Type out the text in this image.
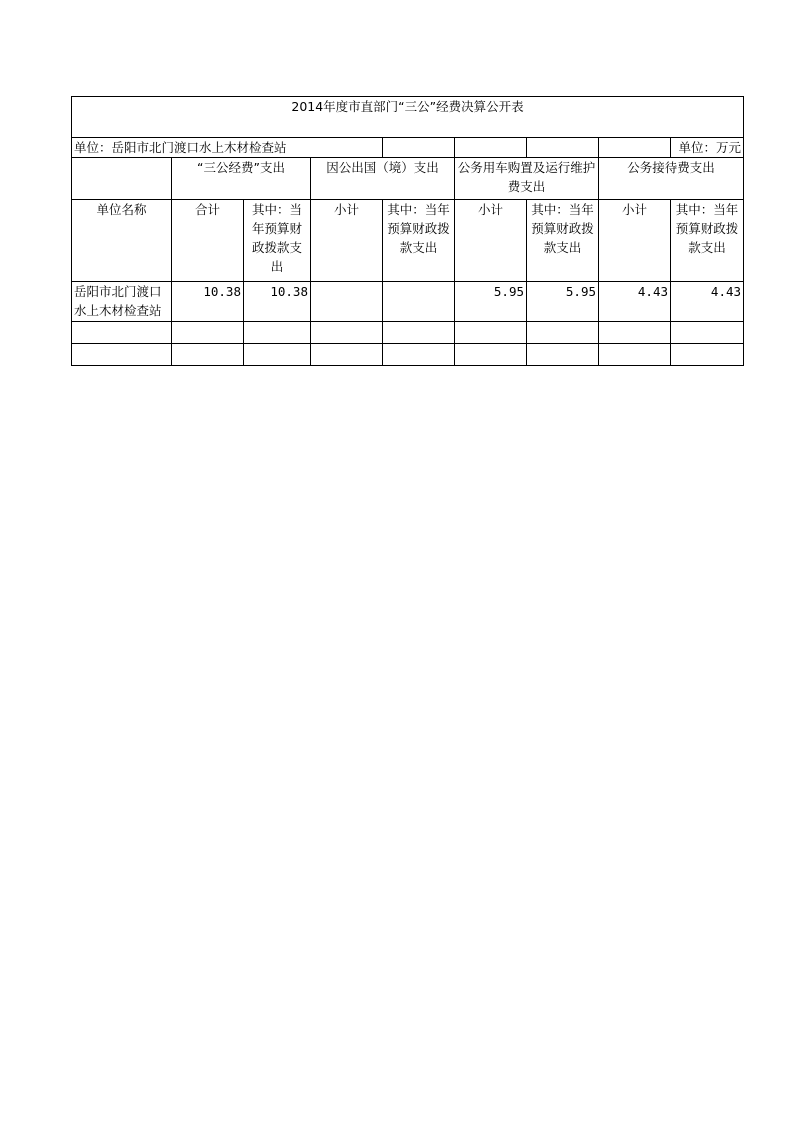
2014年度市直部门“三公”经费决算公开表								
单位：岳阳市北门渡口水上木材检查站								单位：万元
	“三公经费”支出		因公出国（境）支出		公务用车购置及运行维护费支出		公务接待费支出	
单位名称	合计	其中：当年预算财政拨款支出	小计	其中：当年预算财政拨款支出	小计	其中：当年预算财政拨款支出	小计	其中：当年预算财政拨款支出
岳阳市北门渡口水上木材检查站	10.38	10.38			5.95	5.95	4.43	4.43
